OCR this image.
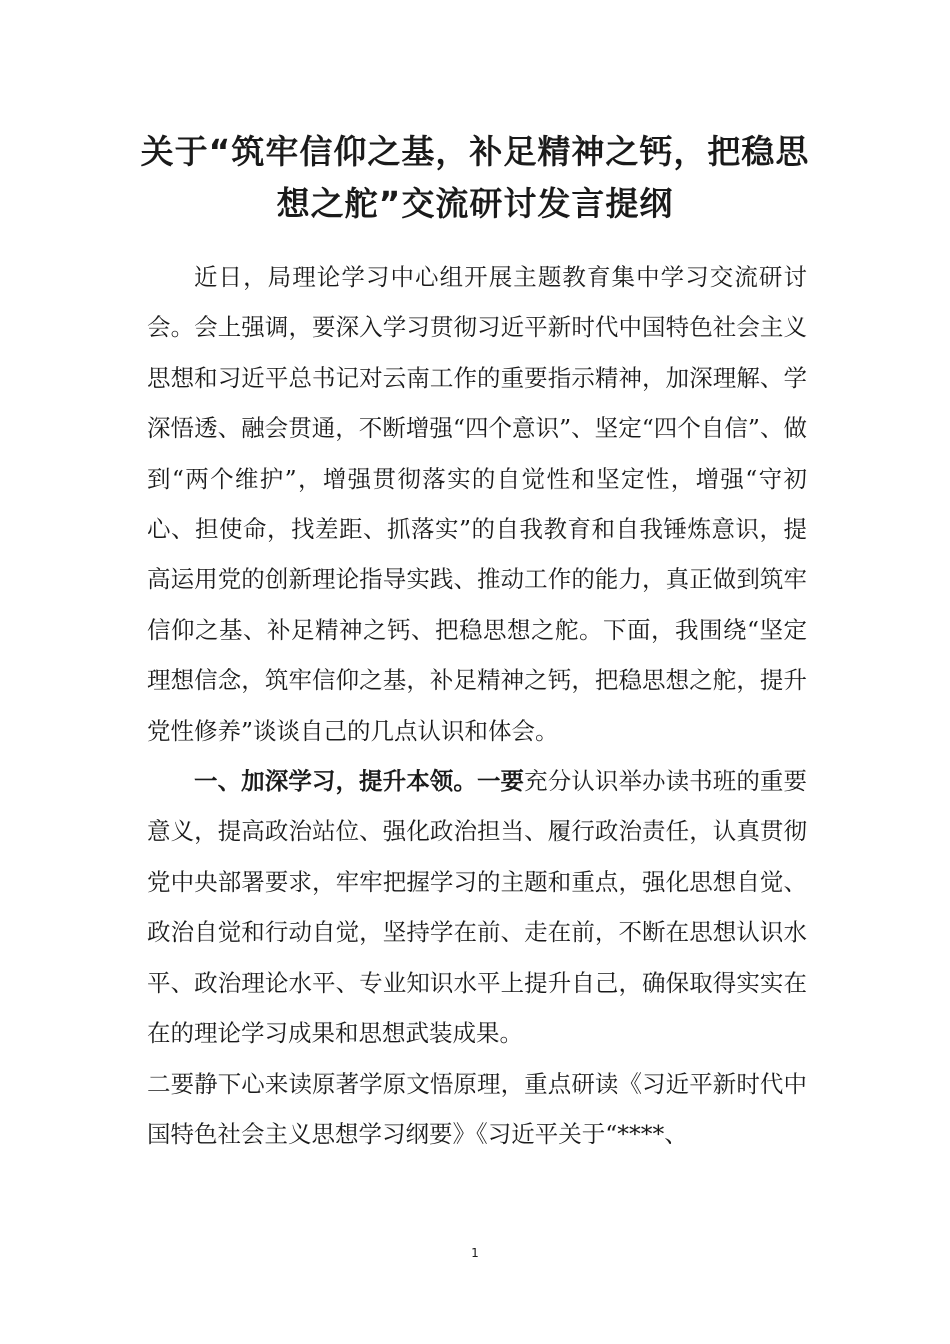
关于“筑牢信仰之基，补足精神之钙，把稳思想之舵”交流研讨发言提纲

近日，局理论学习中心组开展主题教育集中学习交流研讨会。会上强调，要深入学习贯彻习近平新时代中国特色社会主义思想和习近平总书记对云南工作的重要指示精神，加深理解、学深悟透、融会贯通，不断增强“四个意识”、坚定“四个自信”、做到“两个维护”，增强贯彻落实的自觉性和坚定性，增强“守初心、担使命，找差距、抓落实”的自我教育和自我锤炼意识，提高运用党的创新理论指导实践、推动工作的能力，真正做到筑牢信仰之基、补足精神之钙、把稳思想之舵。下面，我围绕“坚定理想信念，筑牢信仰之基，补足精神之钙，把稳思想之舵，提升党性修养”谈谈自己的几点认识和体会。

一、加深学习，提升本领。一要充分认识举办读书班的重要意义，提高政治站位、强化政治担当、履行政治责任，认真贯彻党中央部署要求，牢牢把握学习的主题和重点，强化思想自觉、政治自觉和行动自觉，坚持学在前、走在前，不断在思想认识水平、政治理论水平、专业知识水平上提升自己，确保取得实实在在的理论学习成果和思想武装成果。

二要静下心来读原著学原文悟原理，重点研读《习近平新时代中国特色社会主义思想学习纲要》《习近平关于“****、

1
